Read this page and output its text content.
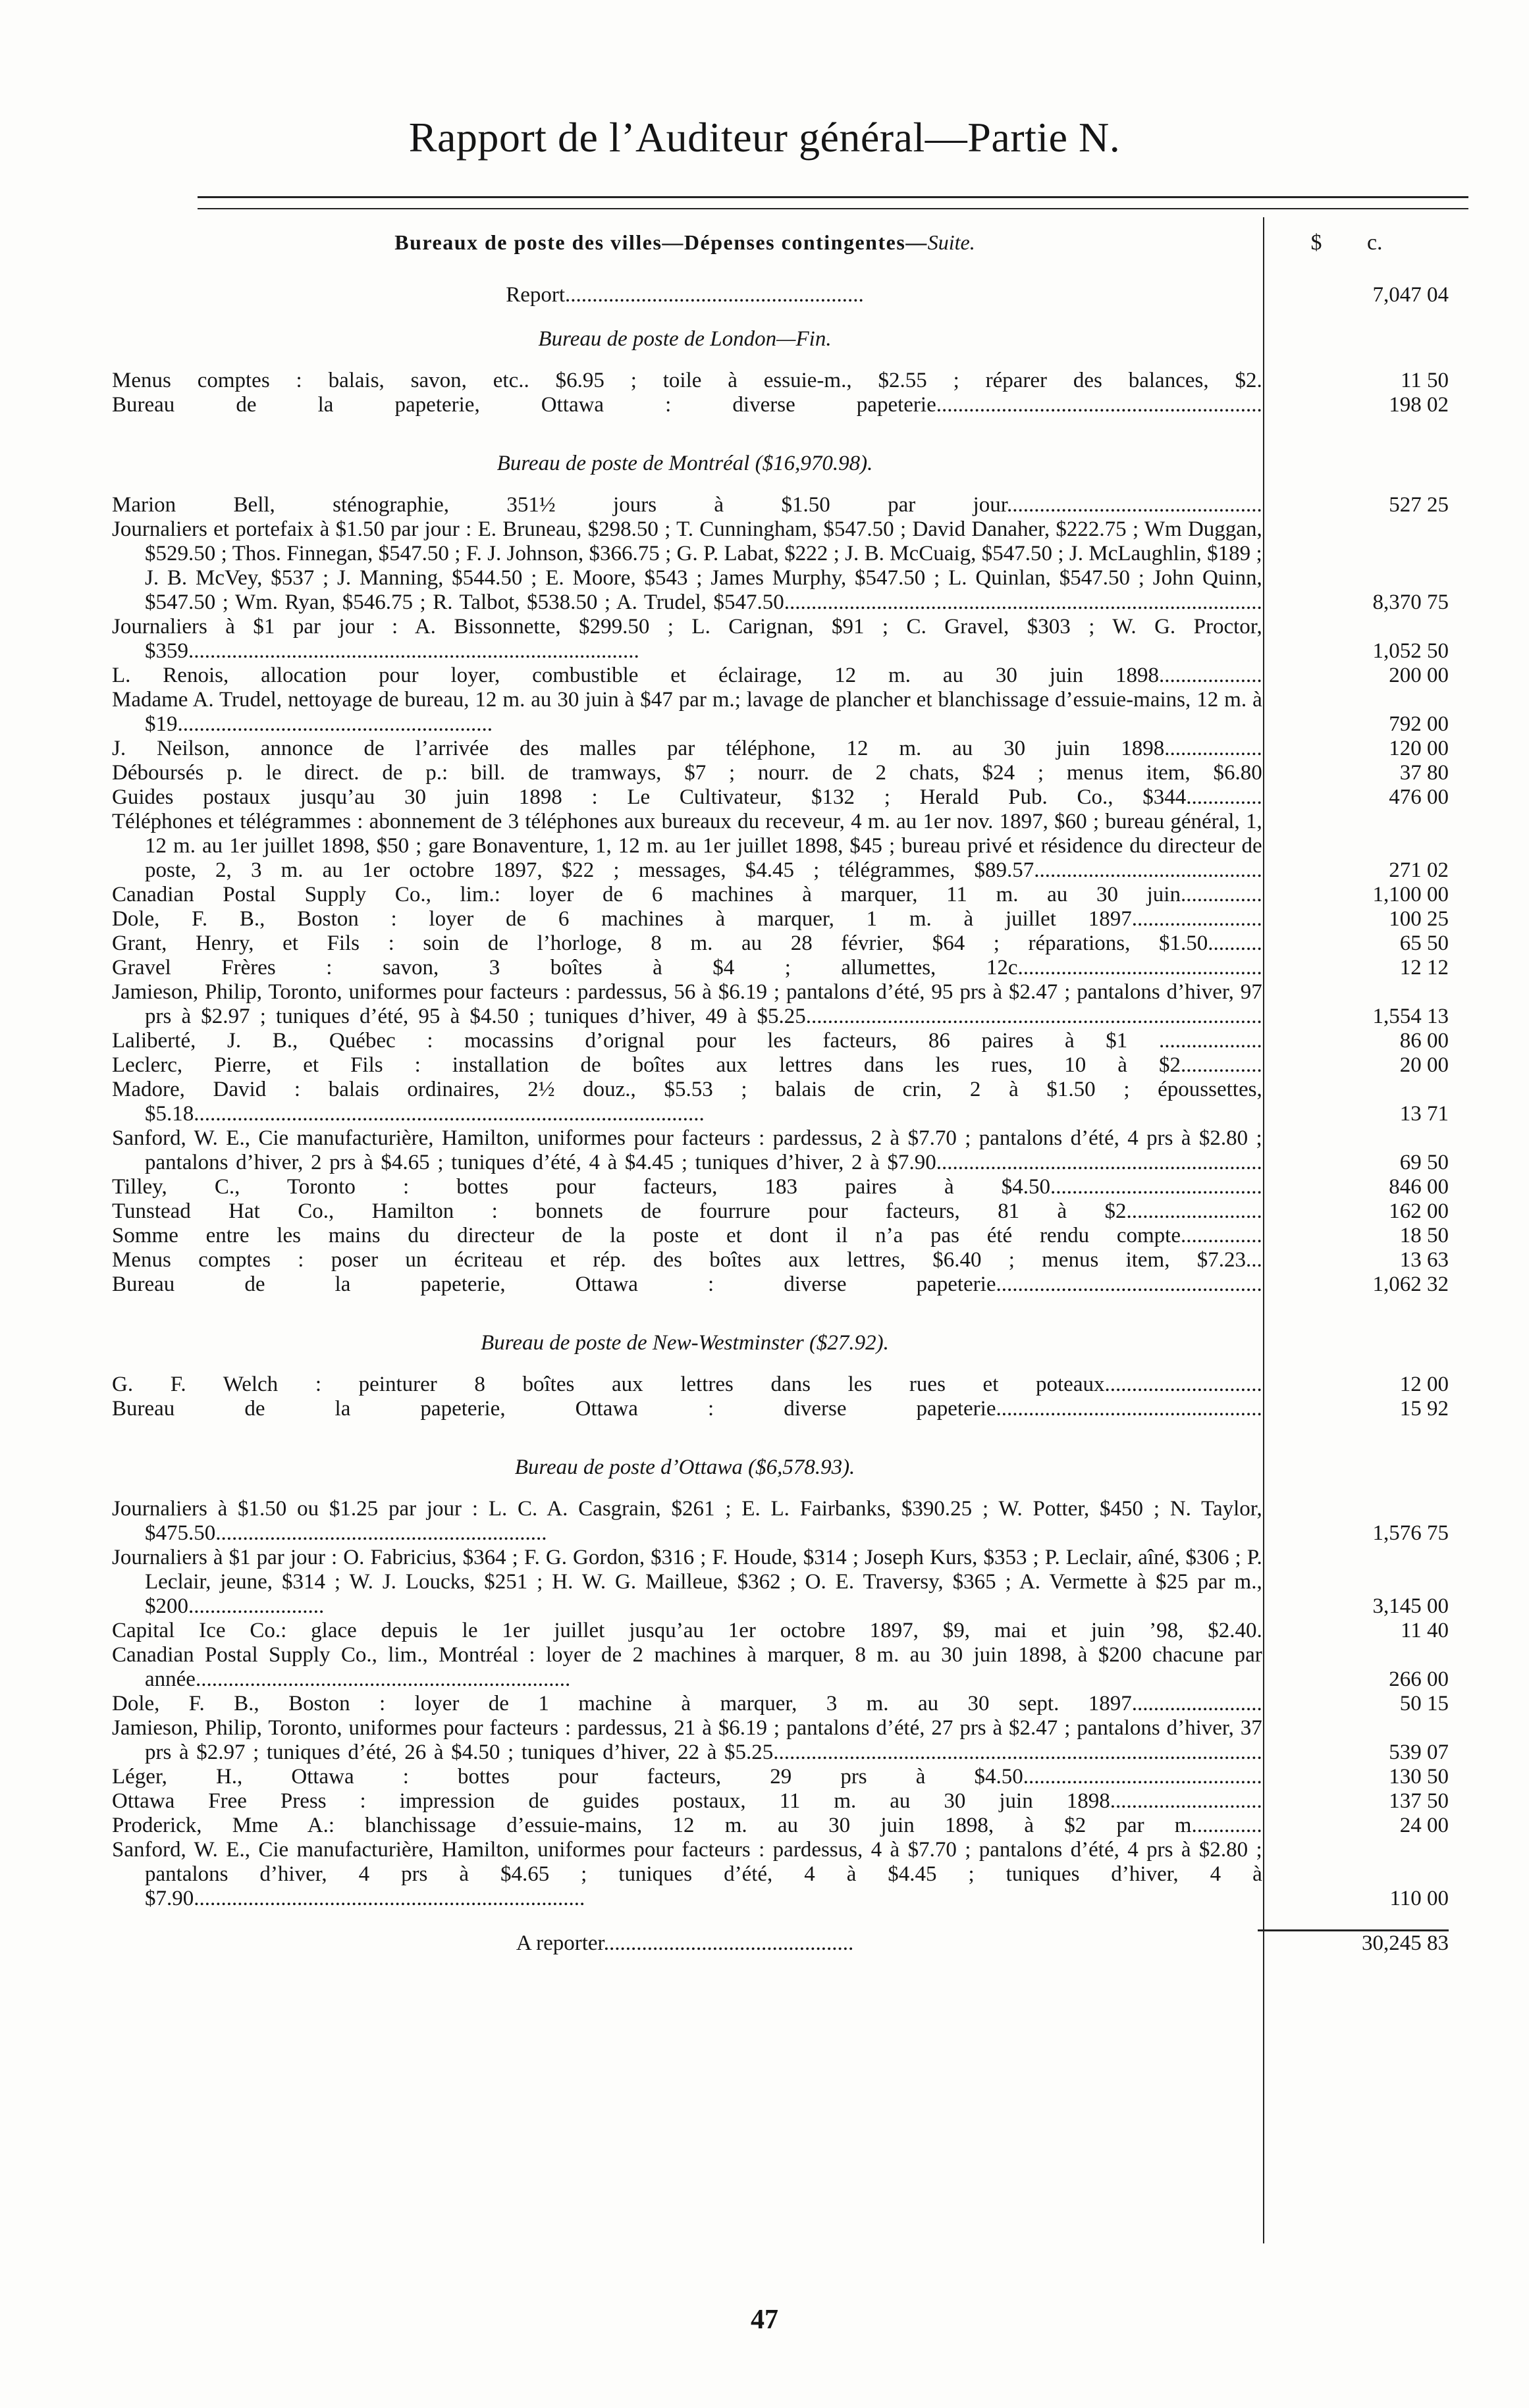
Rapport de l’Auditeur général—Partie N.
Bureaux de poste des villes—Dépenses contingentes—Suite.	$ c.
Report.......................................................	7,047 04
Bureau de poste de London—Fin.
Menus comptes : balais, savon, etc.. $6.95 ; toile à essuie-m., $2.55 ; réparer des balances, $2.	11 50
Bureau de la papeterie, Ottawa : diverse papeterie............................................................	198 02
Bureau de poste de Montréal ($16,970.98).
Marion Bell, sténographie, 351½ jours à $1.50 par jour...............................................	527 25
Journaliers et portefaix à $1.50 par jour : E. Bruneau, $298.50 ; T. Cunningham, $547.50 ; David Danaher, $222.75 ; Wm Duggan, $529.50 ; Thos. Finnegan, $547.50 ; F. J. Johnson, $366.75 ; G. P. Labat, $222 ; J. B. McCuaig, $547.50 ; J. McLaughlin, $189 ; J. B. McVey, $537 ; J. Manning, $544.50 ; E. Moore, $543 ; James Murphy, $547.50 ; L. Quinlan, $547.50 ; John Quinn, $547.50 ; Wm. Ryan, $546.75 ; R. Talbot, $538.50 ; A. Trudel, $547.50........................................................................................	8,370 75
Journaliers à $1 par jour : A. Bissonnette, $299.50 ; L. Carignan, $91 ; C. Gravel, $303 ; W. G. Proctor, $359...................................................................................	1,052 50
L. Renois, allocation pour loyer, combustible et éclairage, 12 m. au 30 juin 1898...................	200 00
Madame A. Trudel, nettoyage de bureau, 12 m. au 30 juin à $47 par m.; lavage de plancher et blanchissage d’essuie-mains, 12 m. à $19..........................................................	792 00
J. Neilson, annonce de l’arrivée des malles par téléphone, 12 m. au 30 juin 1898..................	120 00
Déboursés p. le direct. de p.: bill. de tramways, $7 ; nourr. de 2 chats, $24 ; menus item, $6.80	37 80
Guides postaux jusqu’au 30 juin 1898 : Le Cultivateur, $132 ; Herald Pub. Co., $344..............	476 00
Téléphones et télégrammes : abonnement de 3 téléphones aux bureaux du receveur, 4 m. au 1er nov. 1897, $60 ; bureau général, 1, 12 m. au 1er juillet 1898, $50 ; gare Bonaventure, 1, 12 m. au 1er juillet 1898, $45 ; bureau privé et résidence du directeur de poste, 2, 3 m. au 1er octobre 1897, $22 ; messages, $4.45 ; télégrammes, $89.57..........................................	271 02
Canadian Postal Supply Co., lim.: loyer de 6 machines à marquer, 11 m. au 30 juin...............	1,100 00
Dole, F. B., Boston : loyer de 6 machines à marquer, 1 m. à juillet 1897........................	100 25
Grant, Henry, et Fils : soin de l’horloge, 8 m. au 28 février, $64 ; réparations, $1.50..........	65 50
Gravel Frères : savon, 3 boîtes à $4 ; allumettes, 12c.............................................	12 12
Jamieson, Philip, Toronto, uniformes pour facteurs : pardessus, 56 à $6.19 ; pantalons d’été, 95 prs à $2.47 ; pantalons d’hiver, 97 prs à $2.97 ; tuniques d’été, 95 à $4.50 ; tuniques d’hiver, 49 à $5.25....................................................................................	1,554 13
Laliberté, J. B., Québec : mocassins d’orignal pour les facteurs, 86 paires à $1 ...................	86 00
Leclerc, Pierre, et Fils : installation de boîtes aux lettres dans les rues, 10 à $2...............	20 00
Madore, David : balais ordinaires, 2½ douz., $5.53 ; balais de crin, 2 à $1.50 ; époussettes, $5.18..............................................................................................	13 71
Sanford, W. E., Cie manufacturière, Hamilton, uniformes pour facteurs : pardessus, 2 à $7.70 ; pantalons d’été, 4 prs à $2.80 ; pantalons d’hiver, 2 prs à $4.65 ; tuniques d’été, 4 à $4.45 ; tuniques d’hiver, 2 à $7.90............................................................	69 50
Tilley, C., Toronto : bottes pour facteurs, 183 paires à $4.50.......................................	846 00
Tunstead Hat Co., Hamilton : bonnets de fourrure pour facteurs, 81 à $2.........................	162 00
Somme entre les mains du directeur de la poste et dont il n’a pas été rendu compte...............	18 50
Menus comptes : poser un écriteau et rép. des boîtes aux lettres, $6.40 ; menus item, $7.23...	13 63
Bureau de la papeterie, Ottawa : diverse papeterie.................................................	1,062 32
Bureau de poste de New-Westminster ($27.92).
G. F. Welch : peinturer 8 boîtes aux lettres dans les rues et poteaux.............................	12 00
Bureau de la papeterie, Ottawa : diverse papeterie.................................................	15 92
Bureau de poste d’Ottawa ($6,578.93).
Journaliers à $1.50 ou $1.25 par jour : L. C. A. Casgrain, $261 ; E. L. Fairbanks, $390.25 ; W. Potter, $450 ; N. Taylor, $475.50.............................................................	1,576 75
Journaliers à $1 par jour : O. Fabricius, $364 ; F. G. Gordon, $316 ; F. Houde, $314 ; Joseph Kurs, $353 ; P. Leclair, aîné, $306 ; P. Leclair, jeune, $314 ; W. J. Loucks, $251 ; H. W. G. Mailleue, $362 ; O. E. Traversy, $365 ; A. Vermette à $25 par m., $200.........................	3,145 00
Capital Ice Co.: glace depuis le 1er juillet jusqu’au 1er octobre 1897, $9, mai et juin ’98, $2.40.	11 40
Canadian Postal Supply Co., lim., Montréal : loyer de 2 machines à marquer, 8 m. au 30 juin 1898, à $200 chacune par année.....................................................................	266 00
Dole, F. B., Boston : loyer de 1 machine à marquer, 3 m. au 30 sept. 1897........................	50 15
Jamieson, Philip, Toronto, uniformes pour facteurs : pardessus, 21 à $6.19 ; pantalons d’été, 27 prs à $2.47 ; pantalons d’hiver, 37 prs à $2.97 ; tuniques d’été, 26 à $4.50 ; tuniques d’hiver, 22 à $5.25..........................................................................................	539 07
Léger, H., Ottawa : bottes pour facteurs, 29 prs à $4.50............................................	130 50
Ottawa Free Press : impression de guides postaux, 11 m. au 30 juin 1898............................	137 50
Proderick, Mme A.: blanchissage d’essuie-mains, 12 m. au 30 juin 1898, à $2 par m.............	24 00
Sanford, W. E., Cie manufacturière, Hamilton, uniformes pour facteurs : pardessus, 4 à $7.70 ; pantalons d’été, 4 prs à $2.80 ; pantalons d’hiver, 4 prs à $4.65 ; tuniques d’été, 4 à $4.45 ; tuniques d’hiver, 4 à $7.90........................................................................	110 00
A reporter..............................................	30,245 83
47
